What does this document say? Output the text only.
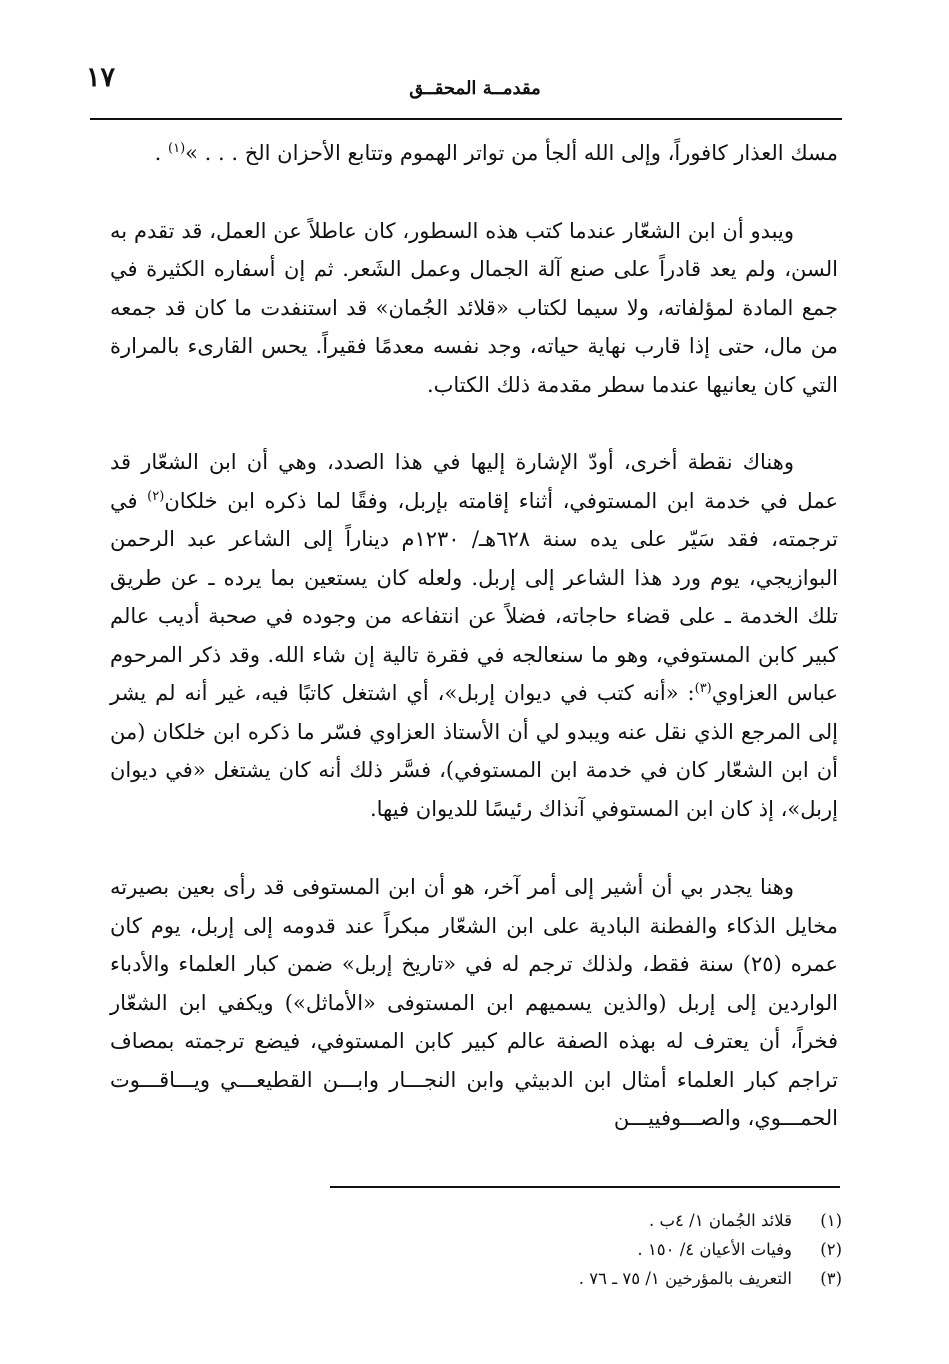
١٧	مقدمــة المحقــق

مسك العذار كافوراً، وإلى الله ألجأ من تواتر الهموم وتتابع الأحزان الخ . . . »$^{(١)}$ .

ويبدو أن ابن الشعّار عندما كتب هذه السطور، كان عاطلاً عن العمل، قد تقدم به السن، ولم يعد قادراً على صنع آلة الجمال وعمل الشَعر. ثم إن أسفاره الكثيرة في جمع المادة لمؤلفاته، ولا سيما لكتاب «قلائد الجُمان» قد استنفدت ما كان قد جمعه من مال، حتى إذا قارب نهاية حياته، وجد نفسه معدمًا فقيراً. يحس القارىء بالمرارة التي كان يعانيها عندما سطر مقدمة ذلك الكتاب.

وهناك نقطة أخرى، أودّ الإشارة إليها في هذا الصدد، وهي أن ابن الشعّار قد عمل في خدمة ابن المستوفي، أثناء إقامته بإربل، وفقًا لما ذكره ابن خلكان$^{(٢)}$ في ترجمته، فقد سَيّر على يده سنة ٦٢٨هـ/ ١٢٣٠م ديناراً إلى الشاعر عبد الرحمن البوازيجي، يوم ورد هذا الشاعر إلى إربل. ولعله كان يستعين بما يرده ـ عن طريق تلك الخدمة ـ على قضاء حاجاته، فضلاً عن انتفاعه من وجوده في صحبة أديب عالم كبير كابن المستوفي، وهو ما سنعالجه في فقرة تالية إن شاء الله. وقد ذكر المرحوم عباس العزاوي$^{(٣)}$: «أنه كتب في ديوان إربل»، أي اشتغل كاتبًا فيه، غير أنه لم يشر إلى المرجع الذي نقل عنه ويبدو لي أن الأستاذ العزاوي فسّر ما ذكره ابن خلكان (من أن ابن الشعّار كان في خدمة ابن المستوفي)، فسَّر ذلك أنه كان يشتغل «في ديوان إربل»، إذ كان ابن المستوفي آنذاك رئيسًا للديوان فيها.

وهنا يجدر بي أن أشير إلى أمر آخر، هو أن ابن المستوفى قد رأى بعين بصيرته مخايل الذكاء والفطنة البادية على ابن الشعّار مبكراً عند قدومه إلى إربل، يوم كان عمره (٢٥) سنة فقط، ولذلك ترجم له في «تاريخ إربل» ضمن كبار العلماء والأدباء الواردين إلى إربل (والذين يسميهم ابن المستوفى «الأماثل») ويكفي ابن الشعّار فخراً، أن يعترف له بهذه الصفة عالم كبير كابن المستوفي، فيضع ترجمته بمصاف تراجم كبار العلماء أمثال ابن الدبيثي وابن النجـــار وابـــن القطيعـــي ويـــاقـــوت الحمـــوي، والصـــوفييـــن

(١)
قلائد الجُمان ١/ ٤ب .
(٢)
وفيات الأعيان ٤/ ١٥٠ .
(٣)
التعريف بالمؤرخين ١/ ٧٥ ـ ٧٦ .
